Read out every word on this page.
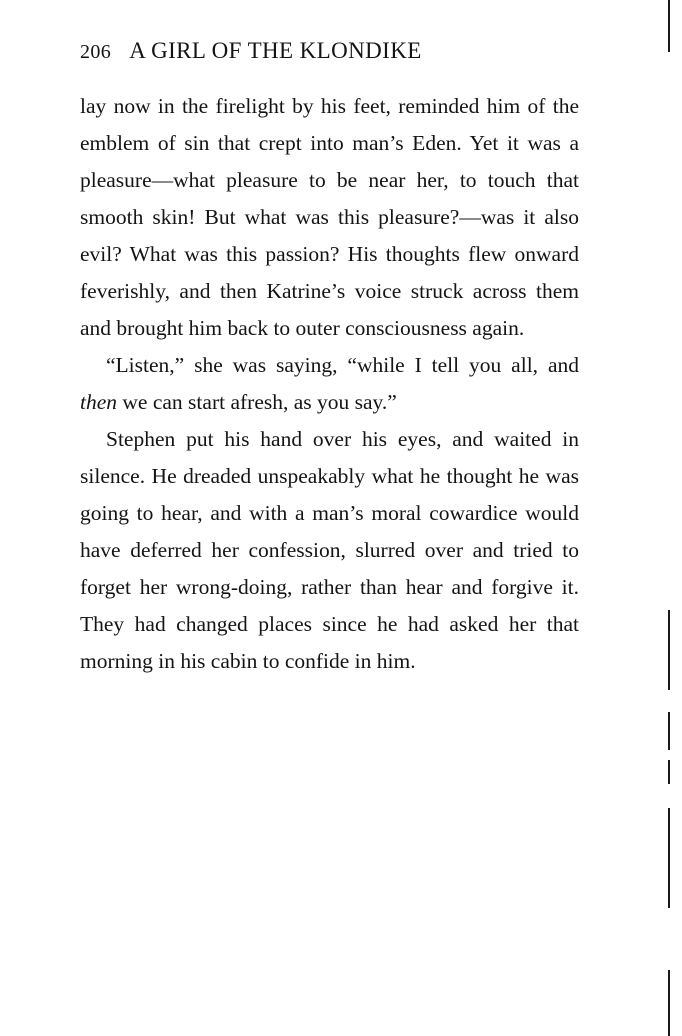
206 A GIRL OF THE KLONDIKE

lay now in the firelight by his feet, reminded him of the emblem of sin that crept into man’s Eden. Yet it was a pleasure—what pleasure to be near her, to touch that smooth skin! But what was this pleasure?—was it also evil? What was this passion? His thoughts flew onward feverishly, and then Katrine’s voice struck across them and brought him back to outer consciousness again.

“Listen,” she was saying, “while I tell you all, and then we can start afresh, as you say.”

Stephen put his hand over his eyes, and waited in silence. He dreaded unspeakably what he thought he was going to hear, and with a man’s moral cowardice would have deferred her confession, slurred over and tried to forget her wrong-doing, rather than hear and forgive it. They had changed places since he had asked her that morning in his cabin to confide in him.
